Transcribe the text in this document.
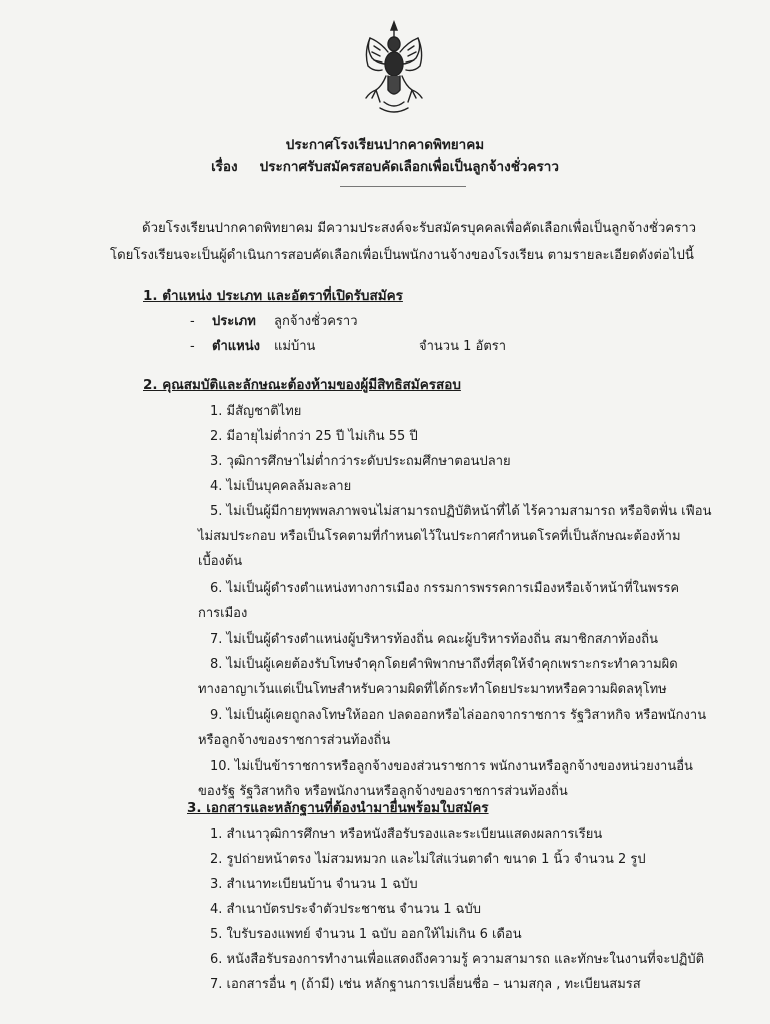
ประกาศโรงเรียนปากคาดพิทยาคม
เรื่อง ประกาศรับสมัครสอบคัดเลือกเพื่อเป็นลูกจ้างชั่วคราว
ด้วยโรงเรียนปากคาดพิทยาคม มีความประสงค์จะรับสมัครบุคคลเพื่อคัดเลือกเพื่อเป็นลูกจ้างชั่วคราว
โดยโรงเรียนจะเป็นผู้ดำเนินการสอบคัดเลือกเพื่อเป็นพนักงานจ้างของโรงเรียน ตามรายละเอียดดังต่อไปนี้
1. ตำแหน่ง ประเภท และอัตราที่เปิดรับสมัคร
- ประเภท ลูกจ้างชั่วคราว
- ตำแหน่ง แม่บ้าน	จำนวน 1 อัตรา
2. คุณสมบัติและลักษณะต้องห้ามของผู้มีสิทธิสมัครสอบ
1. มีสัญชาติไทย
2. มีอายุไม่ต่ำกว่า 25 ปี ไม่เกิน 55 ปี
3. วุฒิการศึกษาไม่ต่ำกว่าระดับประถมศึกษาตอนปลาย
4. ไม่เป็นบุคคลล้มละลาย
5. ไม่เป็นผู้มีกายทุพพลภาพจนไม่สามารถปฏิบัติหน้าที่ได้ ไร้ความสามารถ หรือจิตฟั่น เฟือน
ไม่สมประกอบ หรือเป็นโรคตามที่กำหนดไว้ในประกาศกำหนดโรคที่เป็นลักษณะต้องห้าม
เบื้องต้น
6. ไม่เป็นผู้ดำรงตำแหน่งทางการเมือง กรรมการพรรคการเมืองหรือเจ้าหน้าที่ในพรรค
การเมือง
7. ไม่เป็นผู้ดำรงตำแหน่งผู้บริหารท้องถิ่น คณะผู้บริหารท้องถิ่น สมาชิกสภาท้องถิ่น
8. ไม่เป็นผู้เคยต้องรับโทษจำคุกโดยคำพิพากษาถึงที่สุดให้จำคุกเพราะกระทำความผิด
ทางอาญาเว้นแต่เป็นโทษสำหรับความผิดที่ได้กระทำโดยประมาทหรือความผิดลหุโทษ
9. ไม่เป็นผู้เคยถูกลงโทษให้ออก ปลดออกหรือไล่ออกจากราชการ รัฐวิสาหกิจ หรือพนักงาน
หรือลูกจ้างของราชการส่วนท้องถิ่น
10. ไม่เป็นข้าราชการหรือลูกจ้างของส่วนราชการ พนักงานหรือลูกจ้างของหน่วยงานอื่น
ของรัฐ รัฐวิสาหกิจ หรือพนักงานหรือลูกจ้างของราชการส่วนท้องถิ่น
3. เอกสารและหลักฐานที่ต้องนำมายื่นพร้อมใบสมัคร
1. สำเนาวุฒิการศึกษา หรือหนังสือรับรองและระเบียนแสดงผลการเรียน
2. รูปถ่ายหน้าตรง ไม่สวมหมวก และไม่ใส่แว่นตาดำ ขนาด 1 นิ้ว จำนวน 2 รูป
3. สำเนาทะเบียนบ้าน จำนวน 1 ฉบับ
4. สำเนาบัตรประจำตัวประชาชน จำนวน 1 ฉบับ
5. ใบรับรองแพทย์ จำนวน 1 ฉบับ ออกให้ไม่เกิน 6 เดือน
6. หนังสือรับรองการทำงานเพื่อแสดงถึงความรู้ ความสามารถ และทักษะในงานที่จะปฏิบัติ
7. เอกสารอื่น ๆ (ถ้ามี) เช่น หลักฐานการเปลี่ยนชื่อ – นามสกุล , ทะเบียนสมรส
